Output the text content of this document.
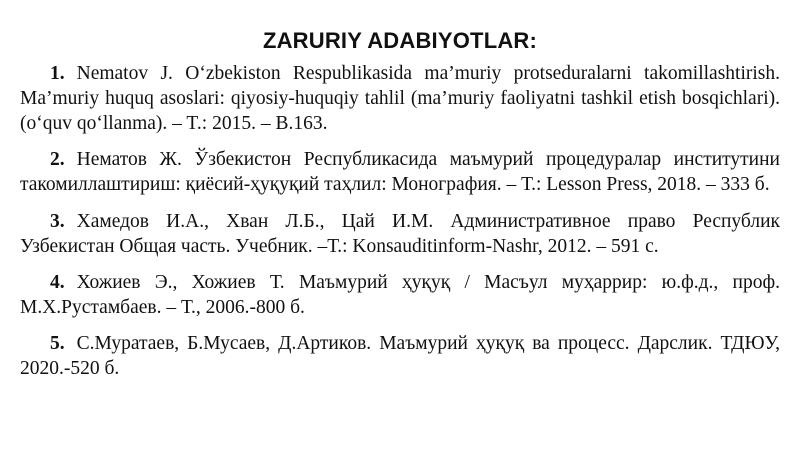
ZARURIY ADABIYOTLAR:

1. Nematov J. O‘zbekiston Respublikasida ma’muriy protseduralarni takomillashtirish. Ma’muriy huquq asoslari: qiyosiy-huquqiy tahlil (ma’muriy faoliyatni tashkil etish bosqichlari). (o‘quv qo‘llanma). – T.: 2015. – B.163.

2. Нематов Ж. Ўзбекистон Республикасида маъмурий процедуралар институтини такомиллаштириш: қиёсий-ҳуқуқий таҳлил: Монография. – Т.: Lesson Press, 2018. – 333 б.

3. Хамедов И.А., Хван Л.Б., Цай И.М. Административное право Республик Узбекистан Общая часть. Учебник. –Т.: Konsauditinform-Nashr, 2012. – 591 с.

4. Хожиев Э., Хожиев Т. Маъмурий ҳуқуқ / Масъул муҳаррир: ю.ф.д., проф. М.Х.Рустамбаев. – Т., 2006.-800 б.

5. С.Муратаев, Б.Мусаев, Д.Артиков. Маъмурий ҳуқуқ ва процесс. Дарслик. ТДЮУ, 2020.-520 б.
